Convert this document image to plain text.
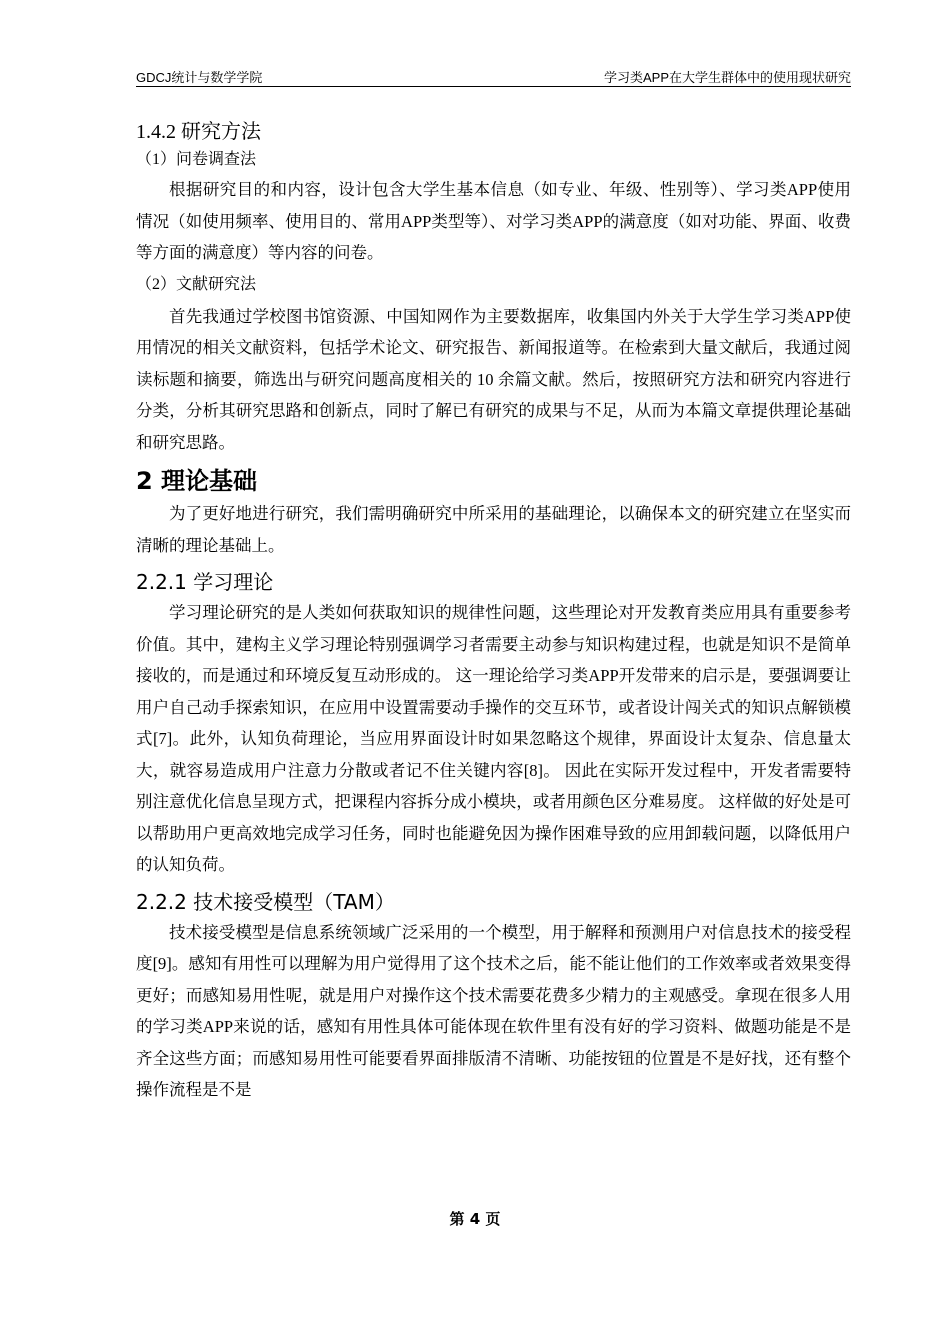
GDCJ统计与数学学院	学习类APP在大学生群体中的使用现状研究
1.4.2 研究方法
（1）问卷调查法

根据研究目的和内容，设计包含大学生基本信息（如专业、年级、性别等）、学习类APP使用情况（如使用频率、使用目的、常用APP类型等）、对学习类APP的满意度（如对功能、界面、收费等方面的满意度）等内容的问卷。

（2）文献研究法

首先我通过学校图书馆资源、中国知网作为主要数据库，收集国内外关于大学生学习类APP使用情况的相关文献资料，包括学术论文、研究报告、新闻报道等。在检索到大量文献后，我通过阅读标题和摘要，筛选出与研究问题高度相关的 10 余篇文献。然后，按照研究方法和研究内容进行分类，分析其研究思路和创新点，同时了解已有研究的成果与不足，从而为本篇文章提供理论基础和研究思路。

2 理论基础

为了更好地进行研究，我们需明确研究中所采用的基础理论，以确保本文的研究建立在坚实而清晰的理论基础上。

2.2.1 学习理论

学习理论研究的是人类如何获取知识的规律性问题，这些理论对开发教育类应用具有重要参考价值。其中，建构主义学习理论特别强调学习者需要主动参与知识构建过程，也就是知识不是简单接收的，而是通过和环境反复互动形成的。 这一理论给学习类APP开发带来的启示是，要强调要让用户自己动手探索知识，在应用中设置需要动手操作的交互环节，或者设计闯关式的知识点解锁模式[7]。此外，认知负荷理论，当应用界面设计时如果忽略这个规律，界面设计太复杂、信息量太大，就容易造成用户注意力分散或者记不住关键内容[8]。 因此在实际开发过程中，开发者需要特别注意优化信息呈现方式，把课程内容拆分成小模块，或者用颜色区分难易度。 这样做的好处是可以帮助用户更高效地完成学习任务，同时也能避免因为操作困难导致的应用卸载问题，以降低用户的认知负荷。

2.2.2 技术接受模型（TAM）

技术接受模型是信息系统领域广泛采用的一个模型，用于解释和预测用户对信息技术的接受程度[9]。感知有用性可以理解为用户觉得用了这个技术之后，能不能让他们的工作效率或者效果变得更好；而感知易用性呢，就是用户对操作这个技术需要花费多少精力的主观感受。拿现在很多人用的学习类APP来说的话，感知有用性具体可能体现在软件里有没有好的学习资料、做题功能是不是齐全这些方面；而感知易用性可能要看界面排版清不清晰、功能按钮的位置是不是好找，还有整个操作流程是不是

第 4 页
